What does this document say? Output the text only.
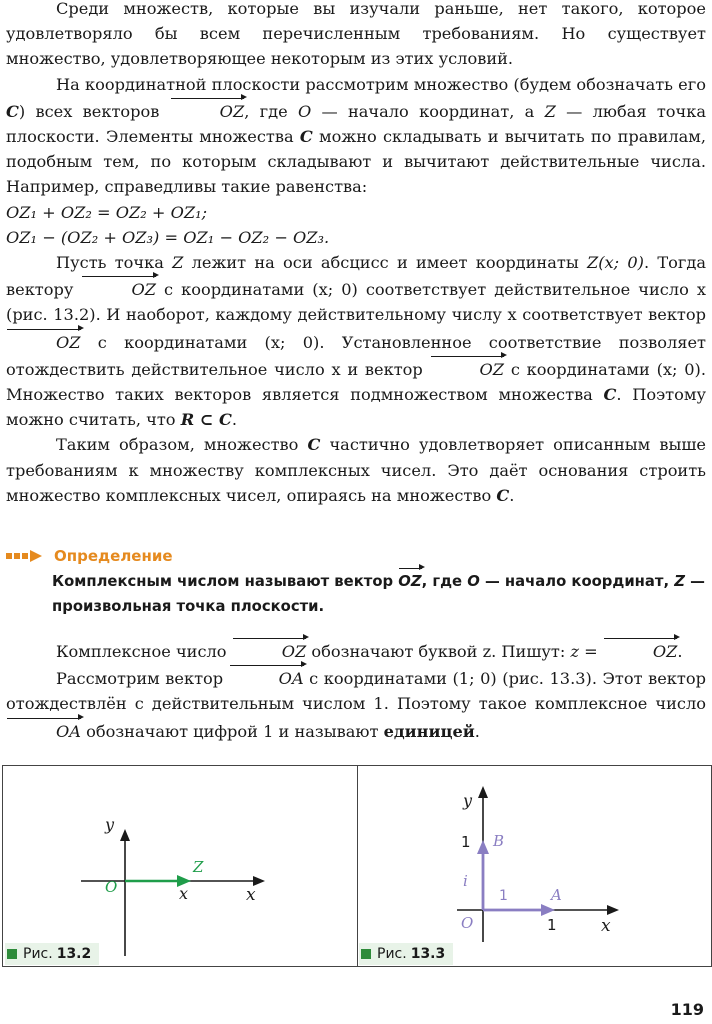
Среди множеств, которые вы изучали раньше, нет такого, которое удовлетворяло бы всем перечисленным требованиям. Но существует множество, удовлетворяющее некоторым из этих условий.

На координатной плоскости рассмотрим множество (будем обозначать его C) всех векторов	OZ, где O — начало координат, а Z — любая точка плоскости. Элементы множества C можно складывать и вычитать по правилам, подобным тем, по которым складывают и вычитают действительные числа. Например, справедливы такие равенства:

OZ₁ + OZ₂ = OZ₂ + OZ₁;

OZ₁ − (OZ₂ + OZ₃) = OZ₁ − OZ₂ − OZ₃.

Пусть точка Z лежит на оси абсцисс и имеет координаты Z(x; 0). Тогда вектору	OZ с координатами (x; 0) соответствует действительное число x (рис. 13.2). И наоборот, каждому действительному числу x соответствует вектор OZ с координатами (x; 0). Установленное соответствие позволяет отождествить действительное число x и вектор	OZ с координатами (x; 0). Множество таких векторов является подмножеством множества C. Поэтому можно считать, что R ⊂ C.

Таким образом, множество C частично удовлетворяет описанным выше требованиям к множеству комплексных чисел. Это даёт основания строить множество комплексных чисел, опираясь на множество C.

Определение
Комплексным числом называют вектор OZ, где O — начало координат, Z — произвольная точка плоскости.

Комплексное число	OZ обозначают буквой z. Пишут: z =	OZ.

Рассмотрим вектор	OA с координатами (1; 0) (рис. 13.3). Этот вектор отождествлён с действительным числом 1. Поэтому такое комплексное число OA обозначают цифрой 1 и называют единицей.

y
x
O
Z
x
Рис. 13.2
y
x
O
B
A
1
1
1
i
Рис. 13.3
119
